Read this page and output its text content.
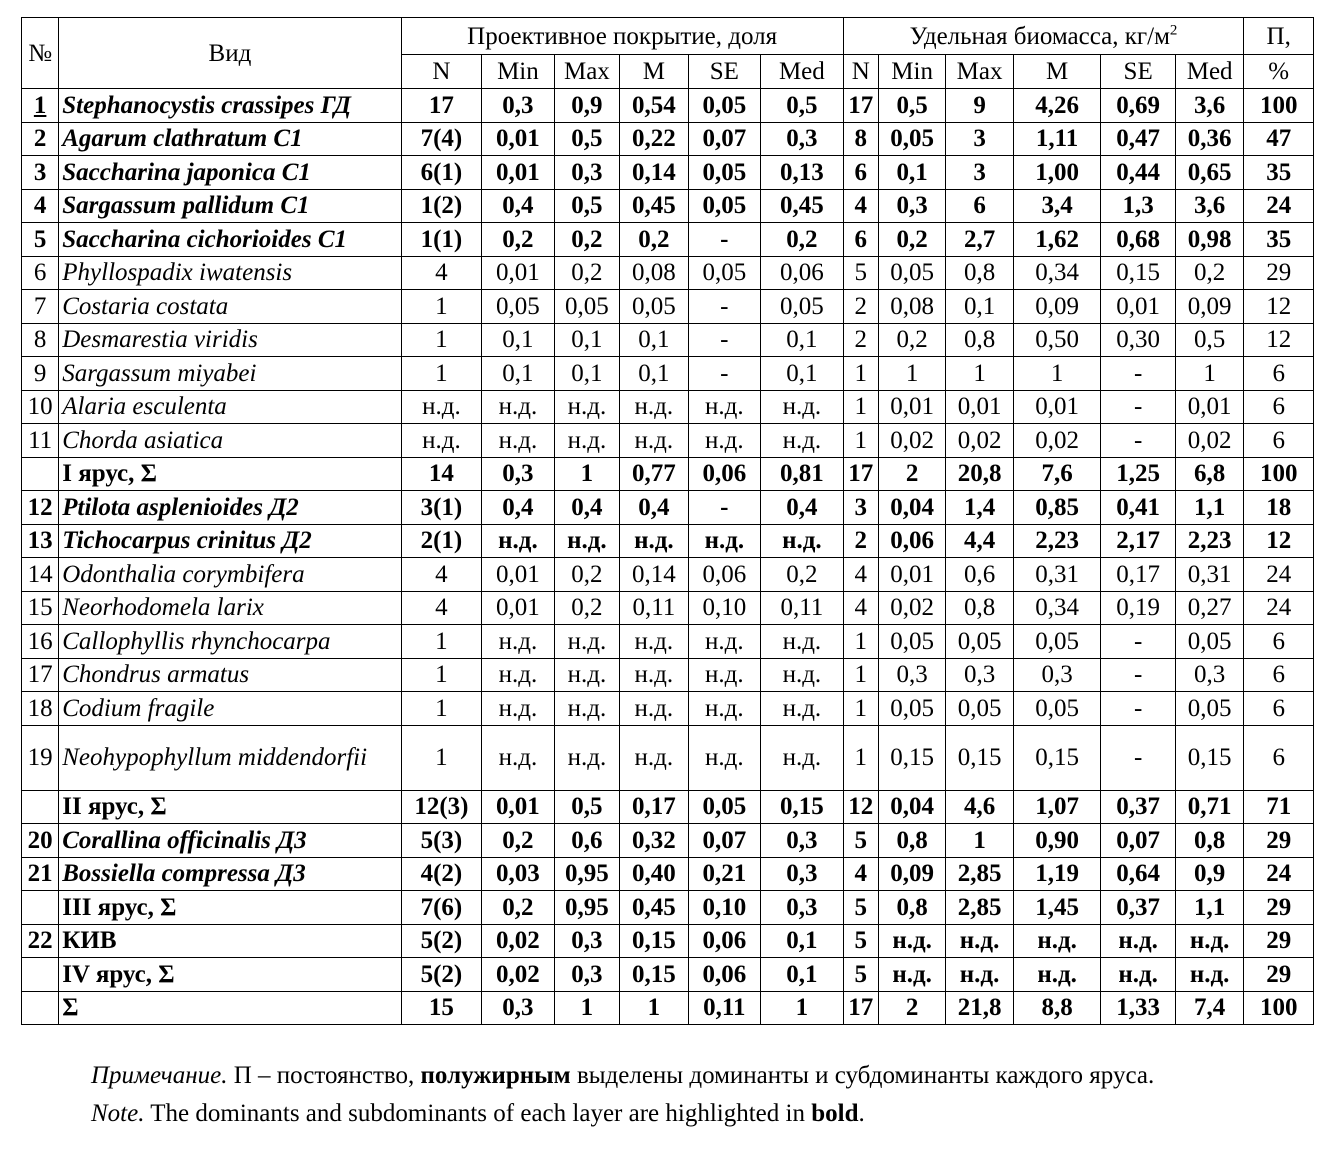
№	Вид	Проективное покрытие, доля						Удельная биомасса, $кг/м^2$						П,
		N	Min	Max	M	SE	Med	N	Min	Max	M	SE	Med	%
1	Stephanocystis crassipes ГД	17	0,3	0,9	0,54	0,05	0,5	17	0,5	9	4,26	0,69	3,6	100
2	Agarum clathratum С1	7(4)	0,01	0,5	0,22	0,07	0,3	8	0,05	3	1,11	0,47	0,36	47
3	Saccharina japonica С1	6(1)	0,01	0,3	0,14	0,05	0,13	6	0,1	3	1,00	0,44	0,65	35
4	Sargassum pallidum С1	1(2)	0,4	0,5	0,45	0,05	0,45	4	0,3	6	3,4	1,3	3,6	24
5	Saccharina cichorioides С1	1(1)	0,2	0,2	0,2	-	0,2	6	0,2	2,7	1,62	0,68	0,98	35
6	Phyllospadix iwatensis	4	0,01	0,2	0,08	0,05	0,06	5	0,05	0,8	0,34	0,15	0,2	29
7	Costaria costata	1	0,05	0,05	0,05	-	0,05	2	0,08	0,1	0,09	0,01	0,09	12
8	Desmarestia viridis	1	0,1	0,1	0,1	-	0,1	2	0,2	0,8	0,50	0,30	0,5	12
9	Sargassum miyabei	1	0,1	0,1	0,1	-	0,1	1	1	1	1	-	1	6
10	Alaria esculenta	н.д.	н.д.	н.д.	н.д.	н.д.	н.д.	1	0,01	0,01	0,01	-	0,01	6
11	Chorda asiatica	н.д.	н.д.	н.д.	н.д.	н.д.	н.д.	1	0,02	0,02	0,02	-	0,02	6
	I ярус, Σ	14	0,3	1	0,77	0,06	0,81	17	2	20,8	7,6	1,25	6,8	100
12	Ptilota asplenioides Д2	3(1)	0,4	0,4	0,4	-	0,4	3	0,04	1,4	0,85	0,41	1,1	18
13	Tichocarpus crinitus Д2	2(1)	н.д.	н.д.	н.д.	н.д.	н.д.	2	0,06	4,4	2,23	2,17	2,23	12
14	Odonthalia corymbifera	4	0,01	0,2	0,14	0,06	0,2	4	0,01	0,6	0,31	0,17	0,31	24
15	Neorhodomela larix	4	0,01	0,2	0,11	0,10	0,11	4	0,02	0,8	0,34	0,19	0,27	24
16	Callophyllis rhynchocarpa	1	н.д.	н.д.	н.д.	н.д.	н.д.	1	0,05	0,05	0,05	-	0,05	6
17	Chondrus armatus	1	н.д.	н.д.	н.д.	н.д.	н.д.	1	0,3	0,3	0,3	-	0,3	6
18	Codium fragile	1	н.д.	н.д.	н.д.	н.д.	н.д.	1	0,05	0,05	0,05	-	0,05	6
19	Neohypophyllum middendorfii	1	н.д.	н.д.	н.д.	н.д.	н.д.	1	0,15	0,15	0,15	-	0,15	6
	II ярус, Σ	12(3)	0,01	0,5	0,17	0,05	0,15	12	0,04	4,6	1,07	0,37	0,71	71
20	Corallina officinalis Д3	5(3)	0,2	0,6	0,32	0,07	0,3	5	0,8	1	0,90	0,07	0,8	29
21	Bossiella compressa Д3	4(2)	0,03	0,95	0,40	0,21	0,3	4	0,09	2,85	1,19	0,64	0,9	24
	III ярус, Σ	7(6)	0,2	0,95	0,45	0,10	0,3	5	0,8	2,85	1,45	0,37	1,1	29
22	КИВ	5(2)	0,02	0,3	0,15	0,06	0,1	5	н.д.	н.д.	н.д.	н.д.	н.д.	29
	IV ярус, Σ	5(2)	0,02	0,3	0,15	0,06	0,1	5	н.д.	н.д.	н.д.	н.д.	н.д.	29
	Σ	15	0,3	1	1	0,11	1	17	2	21,8	8,8	1,33	7,4	100
Примечание. П – постоянство, полужирным выделены доминанты и субдоминанты каждого яруса.
Note. The dominants and subdominants of each layer are highlighted in bold.
